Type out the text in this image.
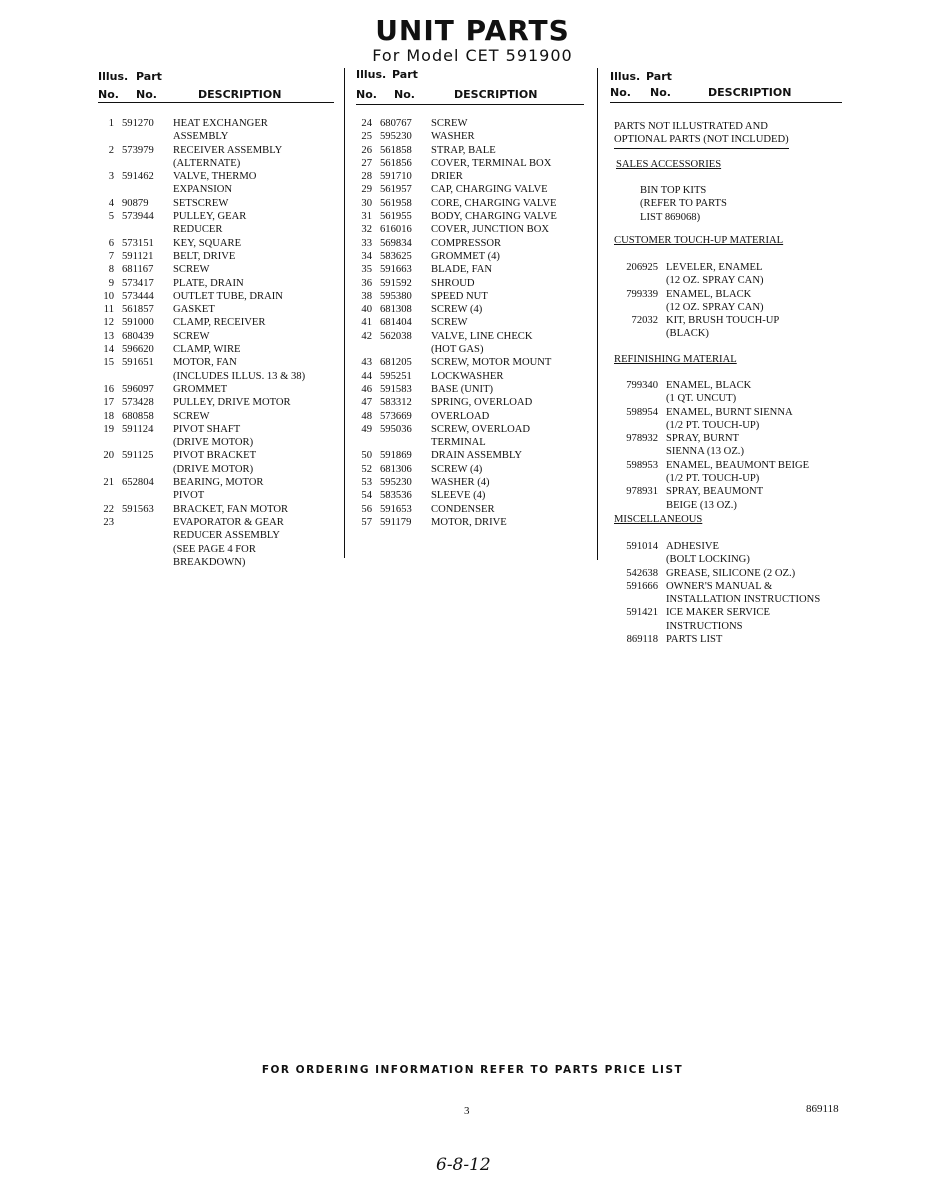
UNIT PARTS
For Model CET 591900
Illus. Part
No. No.	DESCRIPTION
1 591270 HEAT EXCHANGER
ASSEMBLY
2 573979 RECEIVER ASSEMBLY
(ALTERNATE)
3 591462 VALVE, THERMO
EXPANSION
4 90879 SETSCREW
5 573944 PULLEY, GEAR
REDUCER
6 573151 KEY, SQUARE
7 591121 BELT, DRIVE
8 681167 SCREW
9 573417 PLATE, DRAIN
10 573444 OUTLET TUBE, DRAIN
11 561857 GASKET
12 591000 CLAMP, RECEIVER
13 680439 SCREW
14 596620 CLAMP, WIRE
15 591651 MOTOR, FAN
(INCLUDES ILLUS. 13 & 38)
16 596097 GROMMET
17 573428 PULLEY, DRIVE MOTOR
18 680858 SCREW
19 591124 PIVOT SHAFT
(DRIVE MOTOR)
20 591125 PIVOT BRACKET
(DRIVE MOTOR)
21 652804 BEARING, MOTOR
PIVOT
22 591563 BRACKET, FAN MOTOR
23	EVAPORATOR & GEAR
REDUCER ASSEMBLY
(SEE PAGE 4 FOR
BREAKDOWN)
Illus. Part
No. No.	DESCRIPTION
24 680767 SCREW
25 595230 WASHER
26 561858 STRAP, BALE
27 561856 COVER, TERMINAL BOX
28 591710 DRIER
29 561957 CAP, CHARGING VALVE
30 561958 CORE, CHARGING VALVE
31 561955 BODY, CHARGING VALVE
32 616016 COVER, JUNCTION BOX
33 569834 COMPRESSOR
34 583625 GROMMET (4)
35 591663 BLADE, FAN
36 591592 SHROUD
38 595380 SPEED NUT
40 681308 SCREW (4)
41 681404 SCREW
42 562038 VALVE, LINE CHECK
(HOT GAS)
43 681205 SCREW, MOTOR MOUNT
44 595251 LOCKWASHER
46 591583 BASE (UNIT)
47 583312 SPRING, OVERLOAD
48 573669 OVERLOAD
49 595036 SCREW, OVERLOAD
TERMINAL
50 591869 DRAIN ASSEMBLY
52 681306 SCREW (4)
53 595230 WASHER (4)
54 583536 SLEEVE (4)
56 591653 CONDENSER
57 591179 MOTOR, DRIVE
Illus. Part
No. No.	DESCRIPTION
PARTS NOT ILLUSTRATED AND
OPTIONAL PARTS (NOT INCLUDED)
SALES ACCESSORIES
BIN TOP KITS
(REFER TO PARTS
LIST 869068)
CUSTOMER TOUCH-UP MATERIAL
206925 LEVELER, ENAMEL
(12 OZ. SPRAY CAN)
799339 ENAMEL, BLACK
(12 OZ. SPRAY CAN)
72032 KIT, BRUSH TOUCH-UP
(BLACK)
REFINISHING MATERIAL
799340 ENAMEL, BLACK
(1 QT. UNCUT)
598954 ENAMEL, BURNT SIENNA
(1/2 PT. TOUCH-UP)
978932 SPRAY, BURNT
SIENNA (13 OZ.)
598953 ENAMEL, BEAUMONT BEIGE
(1/2 PT. TOUCH-UP)
978931 SPRAY, BEAUMONT
BEIGE (13 OZ.)
MISCELLANEOUS
591014 ADHESIVE
(BOLT LOCKING)
542638 GREASE, SILICONE (2 OZ.)
591666 OWNER'S MANUAL &
INSTALLATION INSTRUCTIONS
591421 ICE MAKER SERVICE
INSTRUCTIONS
869118 PARTS LIST
FOR ORDERING INFORMATION REFER TO PARTS PRICE LIST
3	869118
6-8-12
